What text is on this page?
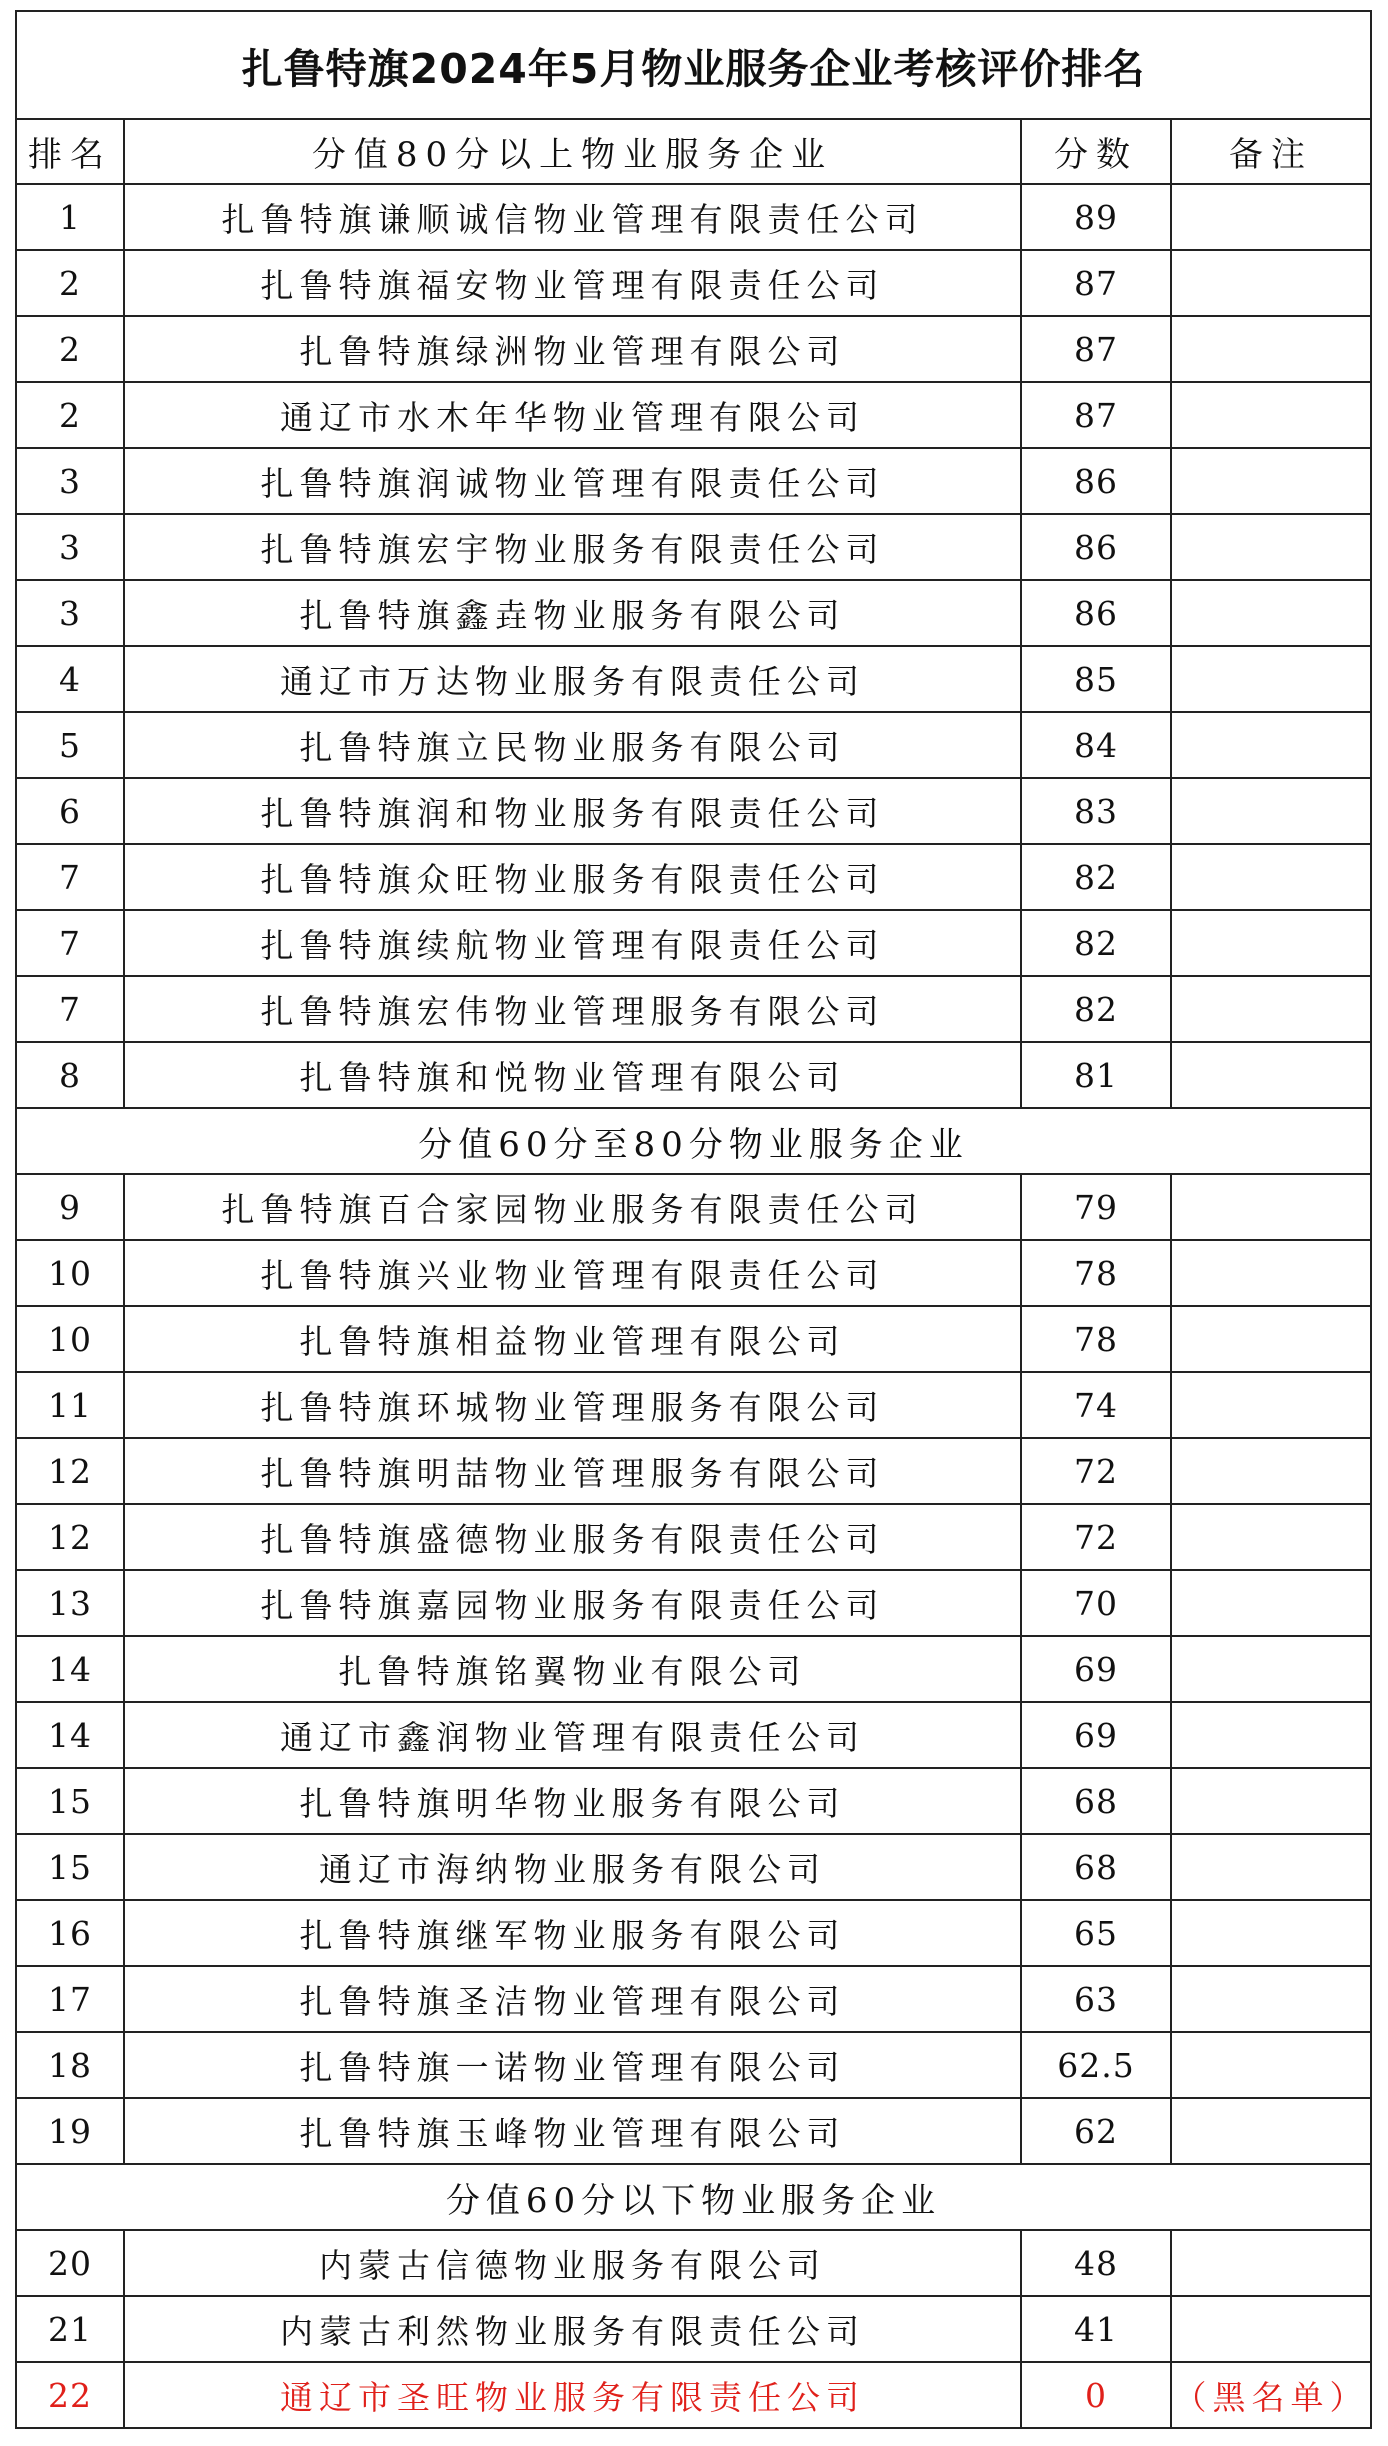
扎鲁特旗2024年5月物业服务企业考核评价排名			
排名	分值80分以上物业服务企业	分数	备注
1	扎鲁特旗谦顺诚信物业管理有限责任公司	89	
2	扎鲁特旗福安物业管理有限责任公司	87	
2	扎鲁特旗绿洲物业管理有限公司	87	
2	通辽市水木年华物业管理有限公司	87	
3	扎鲁特旗润诚物业管理有限责任公司	86	
3	扎鲁特旗宏宇物业服务有限责任公司	86	
3	扎鲁特旗鑫垚物业服务有限公司	86	
4	通辽市万达物业服务有限责任公司	85	
5	扎鲁特旗立民物业服务有限公司	84	
6	扎鲁特旗润和物业服务有限责任公司	83	
7	扎鲁特旗众旺物业服务有限责任公司	82	
7	扎鲁特旗续航物业管理有限责任公司	82	
7	扎鲁特旗宏伟物业管理服务有限公司	82	
8	扎鲁特旗和悦物业管理有限公司	81	
分值60分至80分物业服务企业			
9	扎鲁特旗百合家园物业服务有限责任公司	79	
10	扎鲁特旗兴业物业管理有限责任公司	78	
10	扎鲁特旗相益物业管理有限公司	78	
11	扎鲁特旗环城物业管理服务有限公司	74	
12	扎鲁特旗明喆物业管理服务有限公司	72	
12	扎鲁特旗盛德物业服务有限责任公司	72	
13	扎鲁特旗嘉园物业服务有限责任公司	70	
14	扎鲁特旗铭翼物业有限公司	69	
14	通辽市鑫润物业管理有限责任公司	69	
15	扎鲁特旗明华物业服务有限公司	68	
15	通辽市海纳物业服务有限公司	68	
16	扎鲁特旗继军物业服务有限公司	65	
17	扎鲁特旗圣洁物业管理有限公司	63	
18	扎鲁特旗一诺物业管理有限公司	62.5	
19	扎鲁特旗玉峰物业管理有限公司	62	
分值60分以下物业服务企业			
20	内蒙古信德物业服务有限公司	48	
21	内蒙古利然物业服务有限责任公司	41	
22	通辽市圣旺物业服务有限责任公司	0	（黑名单）
